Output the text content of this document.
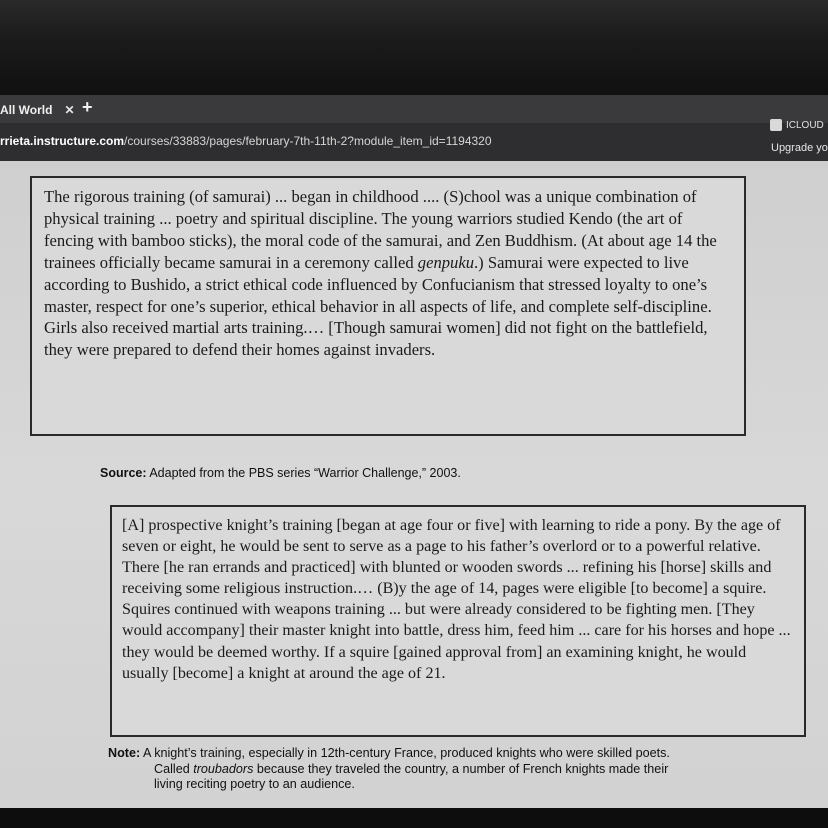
All World ✕ +
rrieta.instructure.com/courses/33883/pages/february-7th-11th-2?module_item_id=1194320
ICLOUD
Upgrade yo

The rigorous training (of samurai) ... began in childhood .... (S)chool was a unique combination of physical training ... poetry and spiritual discipline. The young warriors studied Kendo (the art of fencing with bamboo sticks), the moral code of the samurai, and Zen Buddhism. (At about age 14 the trainees officially became samurai in a ceremony called genpuku.) Samurai were expected to live according to Bushido, a strict ethical code influenced by Confucianism that stressed loyalty to one’s master, respect for one’s superior, ethical behavior in all aspects of life, and complete self-discipline. Girls also received martial arts training.… [Though samurai women] did not fight on the battlefield, they were prepared to defend their homes against invaders.

Source: Adapted from the PBS series “Warrior Challenge,” 2003.

[A] prospective knight’s training [began at age four or five] with learning to ride a pony. By the age of seven or eight, he would be sent to serve as a page to his father’s overlord or to a powerful relative. There [he ran errands and practiced] with blunted or wooden swords ... refining his [horse] skills and receiving some religious instruction.… (B)y the age of 14, pages were eligible [to become] a squire. Squires continued with weapons training ... but were already considered to be fighting men. [They would accompany] their master knight into battle, dress him, feed him ... care for his horses and hope ... they would be deemed worthy. If a squire [gained approval from] an examining knight, he would usually [become] a knight at around the age of 21.

Note: A knight’s training, especially in 12th-century France, produced knights who were skilled poets.
Called troubadors because they traveled the country, a number of French knights made their
living reciting poetry to an audience.
